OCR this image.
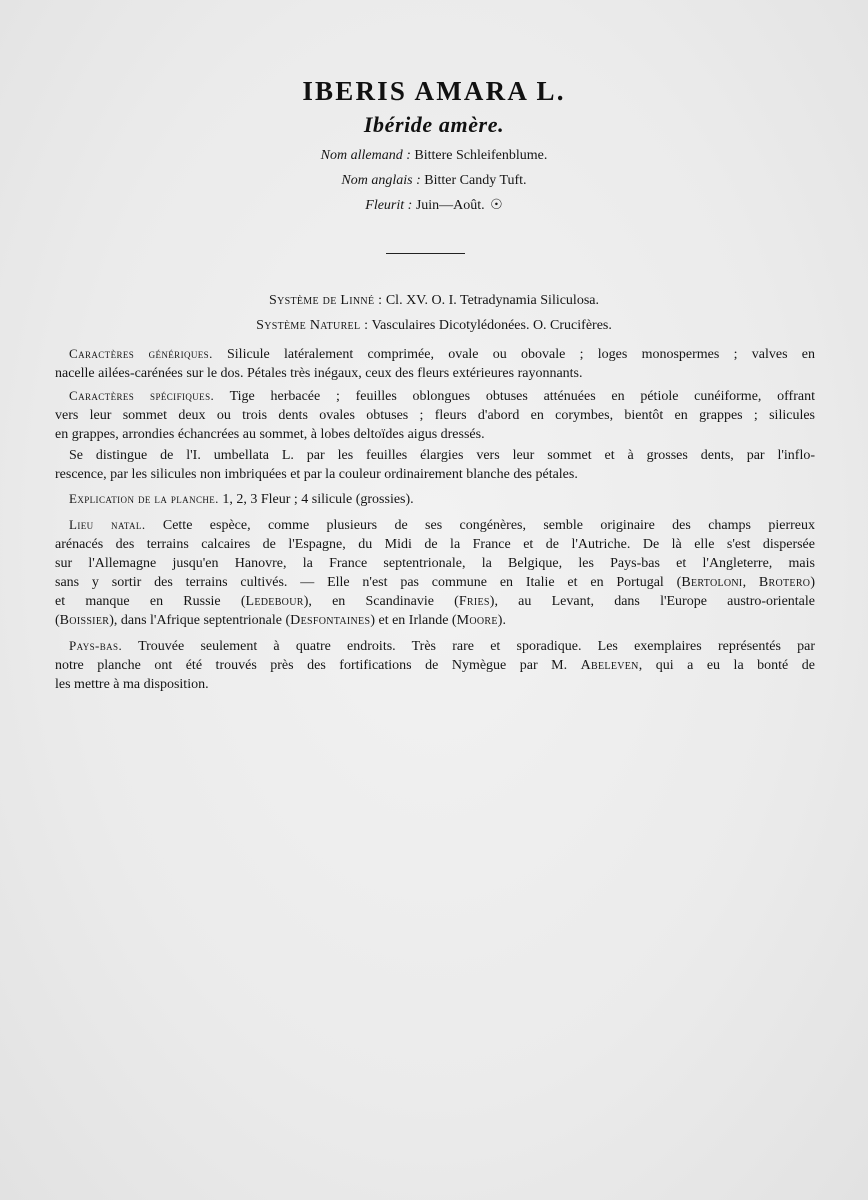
IBERIS AMARA L.
Ibéride amère.
Nom allemand : Bittere Schleifenblume.
Nom anglais : Bitter Candy Tuft.
Fleurit : Juin—Août. ☉
Système de Linné : Cl. XV. O. I. Tetradynamia Siliculosa.
Système Naturel : Vasculaires Dicotylédonées. O. Crucifères.
Caractères génériques. Silicule latéralement comprimée, ovale ou obovale ; loges monospermes ; valves en
nacelle ailées-carénées sur le dos. Pétales très inégaux, ceux des fleurs extérieures rayonnants.
Caractères spécifiques. Tige herbacée ; feuilles oblongues obtuses atténuées en pétiole cunéiforme, offrant
vers leur sommet deux ou trois dents ovales obtuses ; fleurs d'abord en corymbes, bientôt en grappes ; silicules
en grappes, arrondies échancrées au sommet, à lobes deltoïdes aigus dressés.
Se distingue de l'I. umbellata L. par les feuilles élargies vers leur sommet et à grosses dents, par l'inflo-
rescence, par les silicules non imbriquées et par la couleur ordinairement blanche des pétales.
Explication de la planche. 1, 2, 3 Fleur ; 4 silicule (grossies).
Lieu natal. Cette espèce, comme plusieurs de ses congénères, semble originaire des champs pierreux
arénacés des terrains calcaires de l'Espagne, du Midi de la France et de l'Autriche. De là elle s'est dispersée
sur l'Allemagne jusqu'en Hanovre, la France septentrionale, la Belgique, les Pays-bas et l'Angleterre, mais
sans y sortir des terrains cultivés. — Elle n'est pas commune en Italie et en Portugal (Bertoloni, Brotero)
et manque en Russie (Ledebour), en Scandinavie (Fries), au Levant, dans l'Europe austro-orientale
(Boissier), dans l'Afrique septentrionale (Desfontaines) et en Irlande (Moore).
Pays-bas. Trouvée seulement à quatre endroits. Très rare et sporadique. Les exemplaires représentés par
notre planche ont été trouvés près des fortifications de Nymègue par M. Abeleven, qui a eu la bonté de
les mettre à ma disposition.
